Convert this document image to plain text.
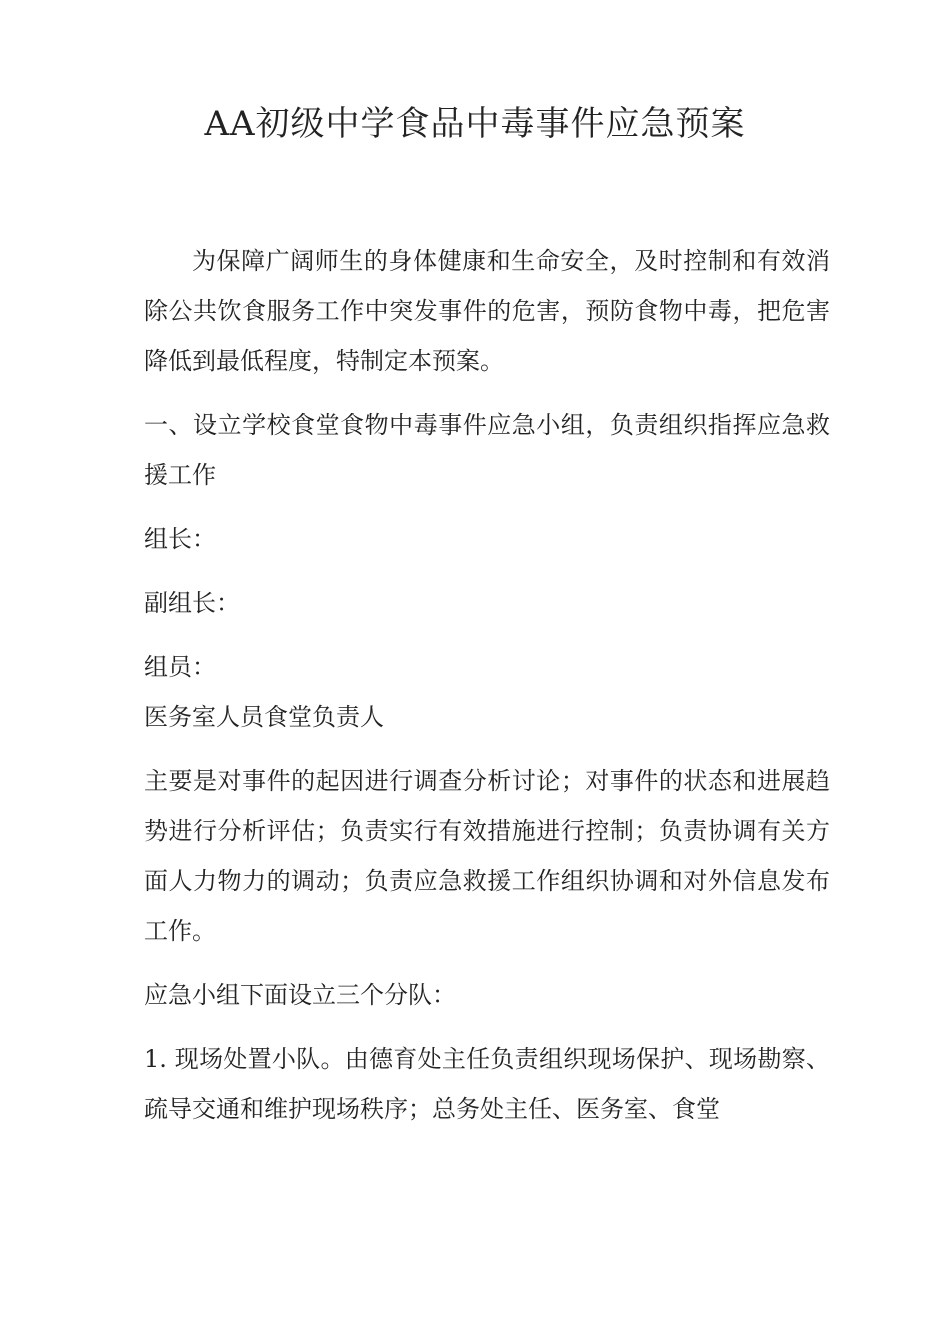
AA初级中学食品中毒事件应急预案

为保障广阔师生的身体健康和生命安全，及时控制和有效消除公共饮食服务工作中突发事件的危害，预防食物中毒，把危害降低到最低程度，特制定本预案。

一、设立学校食堂食物中毒事件应急小组，负责组织指挥应急救援工作

组长：

副组长：

组员：

医务室人员食堂负责人

主要是对事件的起因进行调查分析讨论；对事件的状态和进展趋势进行分析评估；负责实行有效措施进行控制；负责协调有关方面人力物力的调动；负责应急救援工作组织协调和对外信息发布工作。

应急小组下面设立三个分队：

1. 现场处置小队。由德育处主任负责组织现场保护、现场勘察、疏导交通和维护现场秩序；总务处主任、医务室、食堂
